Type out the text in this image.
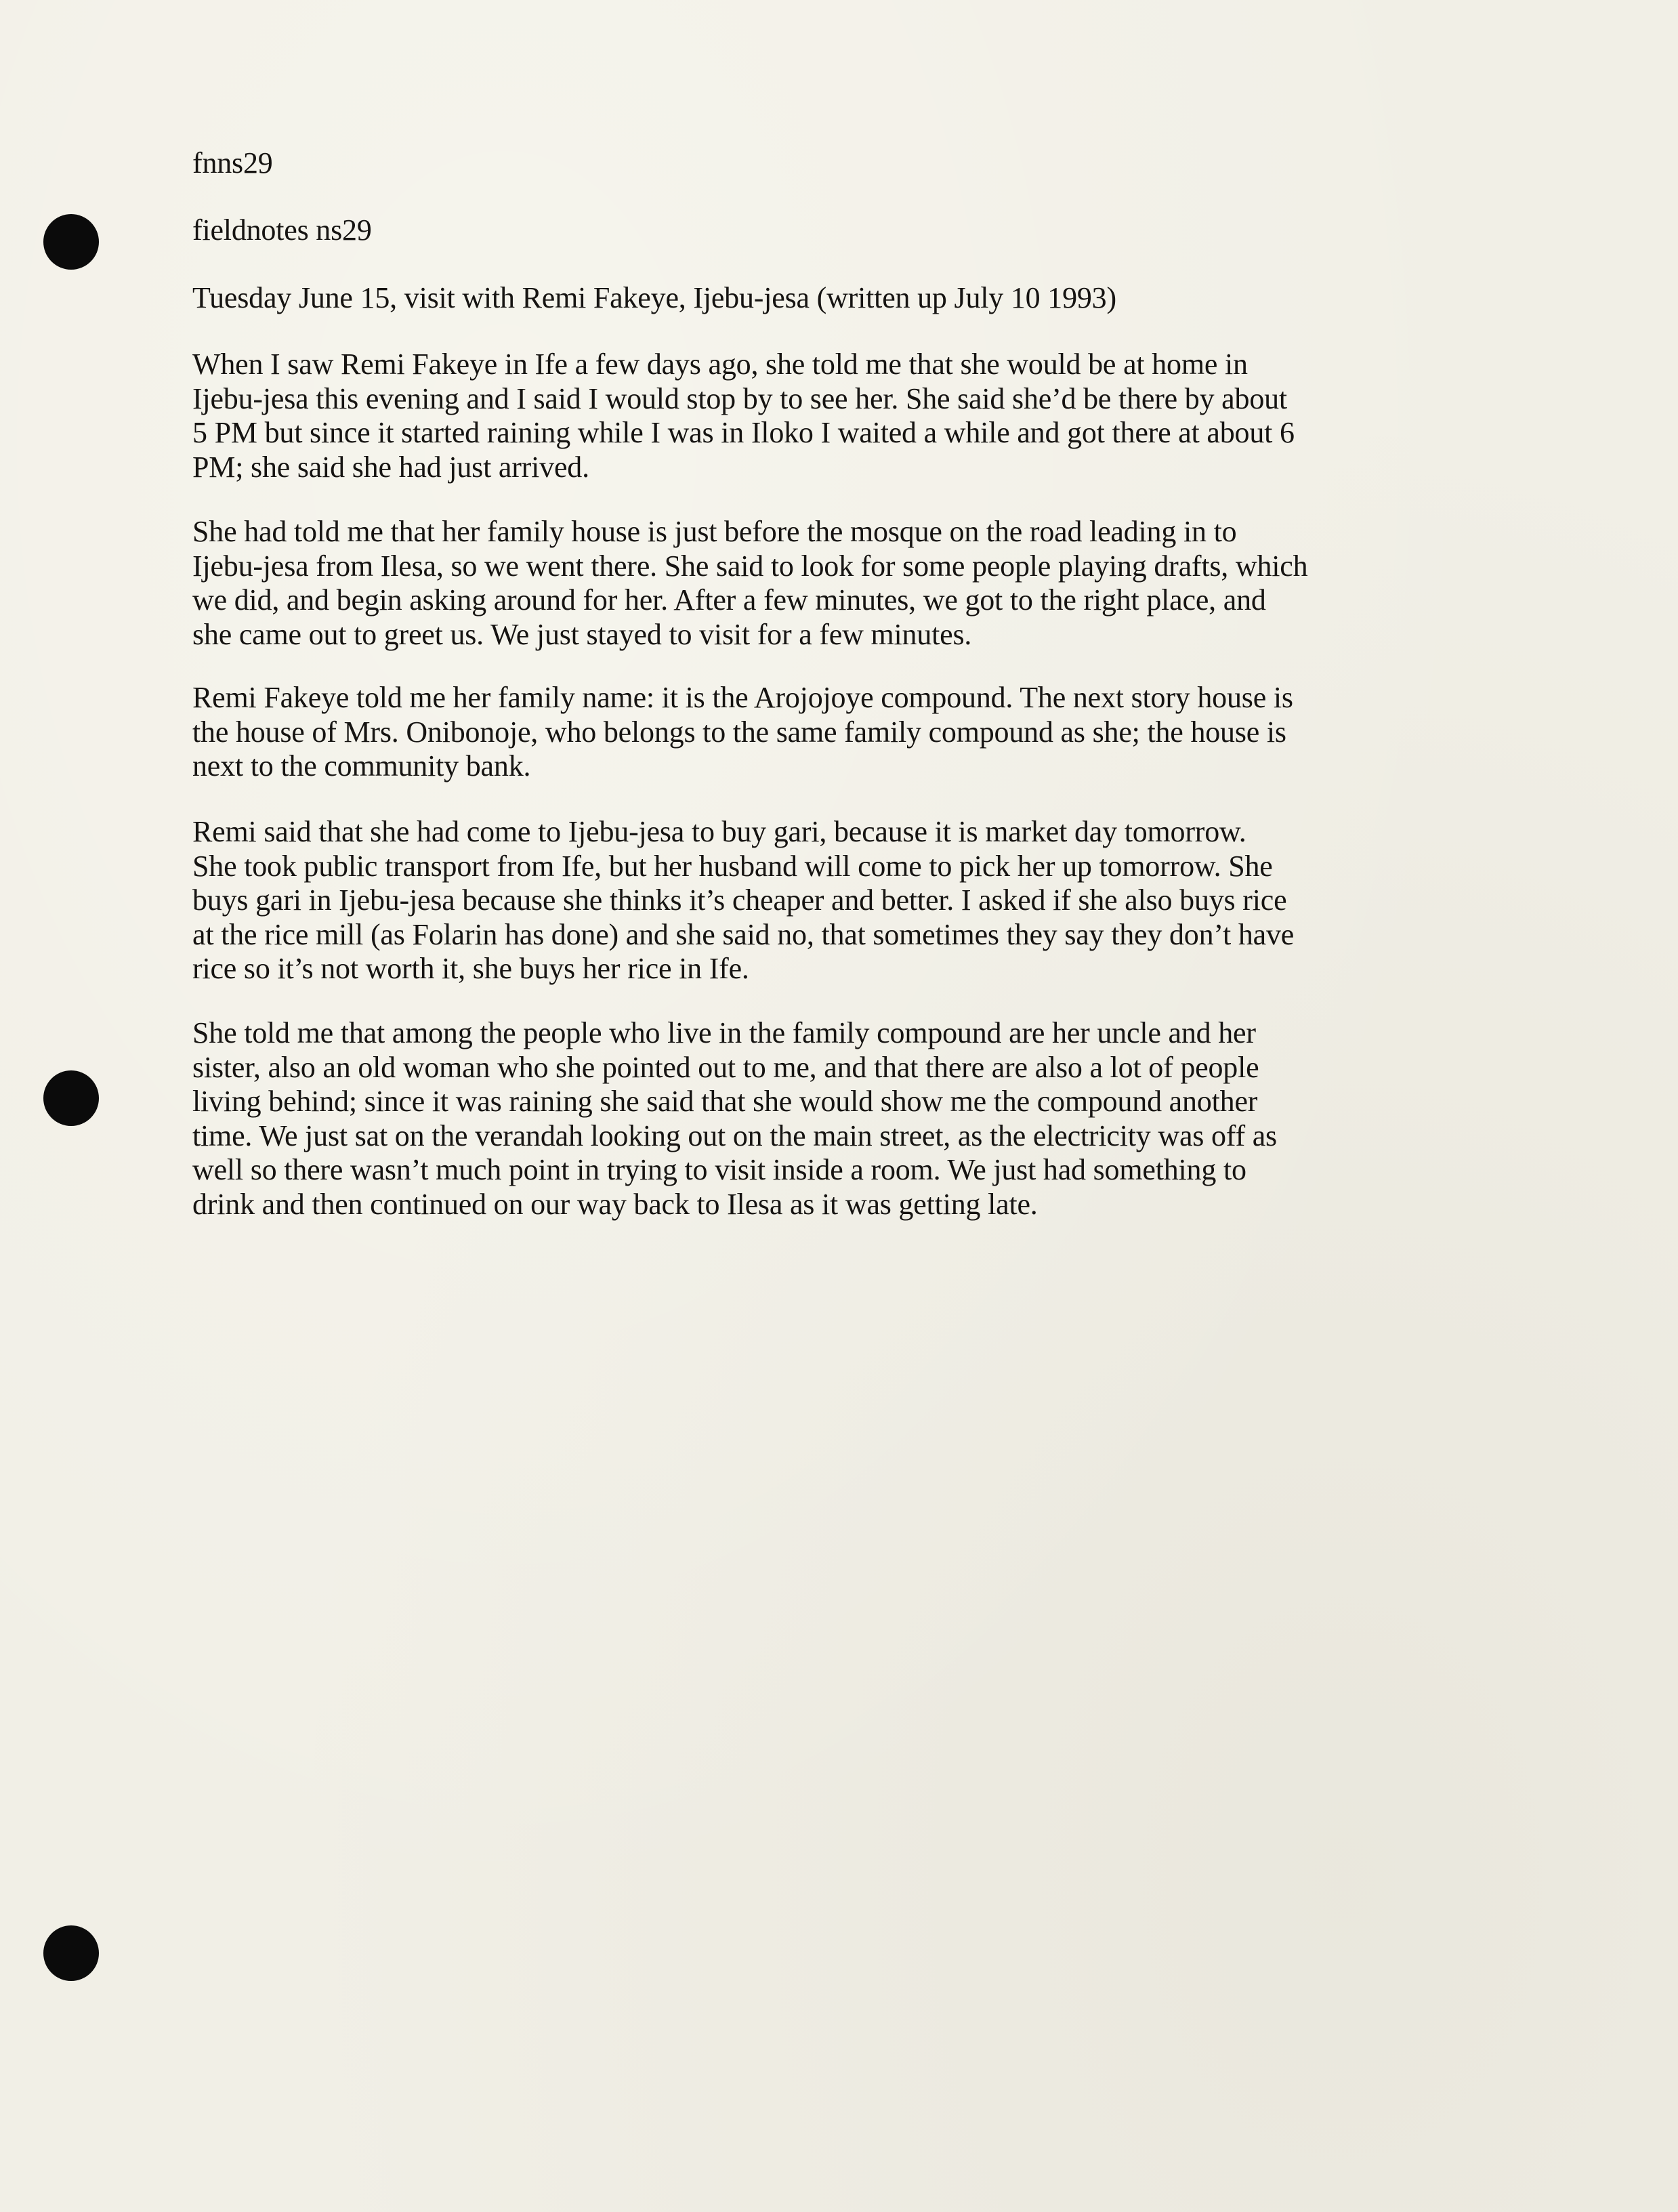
fnns29
fieldnotes ns29
Tuesday June 15, visit with Remi Fakeye, Ijebu-jesa (written up July 10 1993)
When I saw Remi Fakeye in Ife a few days ago, she told me that she would be at home in
Ijebu-jesa this evening and I said I would stop by to see her. She said she’d be there by about
5 PM but since it started raining while I was in Iloko I waited a while and got there at about 6
PM; she said she had just arrived.
She had told me that her family house is just before the mosque on the road leading in to
Ijebu-jesa from Ilesa, so we went there. She said to look for some people playing drafts, which
we did, and begin asking around for her. After a few minutes, we got to the right place, and
she came out to greet us. We just stayed to visit for a few minutes.
Remi Fakeye told me her family name: it is the Arojojoye compound. The next story house is
the house of Mrs. Onibonoje, who belongs to the same family compound as she; the house is
next to the community bank.
Remi said that she had come to Ijebu-jesa to buy gari, because it is market day tomorrow.
She took public transport from Ife, but her husband will come to pick her up tomorrow. She
buys gari in Ijebu-jesa because she thinks it’s cheaper and better. I asked if she also buys rice
at the rice mill (as Folarin has done) and she said no, that sometimes they say they don’t have
rice so it’s not worth it, she buys her rice in Ife.
She told me that among the people who live in the family compound are her uncle and her
sister, also an old woman who she pointed out to me, and that there are also a lot of people
living behind; since it was raining she said that she would show me the compound another
time. We just sat on the verandah looking out on the main street, as the electricity was off as
well so there wasn’t much point in trying to visit inside a room. We just had something to
drink and then continued on our way back to Ilesa as it was getting late.
